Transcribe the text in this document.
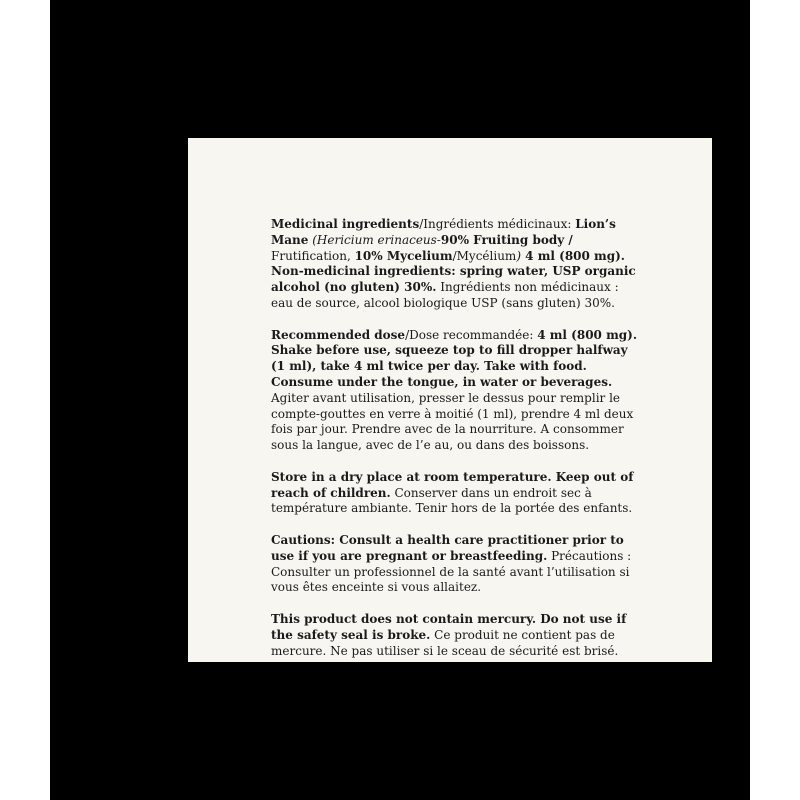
Medicinal ingredients/Ingrédients médicinaux: Lion’s Mane (Hericium erinaceus-90% Fruiting body / Frutification, 10% Mycelium/Mycélium) 4 ml (800 mg). Non-medicinal ingredients: spring water, USP organic alcohol (no gluten) 30%. Ingrédients non médicinaux : eau de source, alcool biologique USP (sans gluten) 30%.

Recommended dose/Dose recommandée: 4 ml (800 mg). Shake before use, squeeze top to fill dropper halfway (1 ml), take 4 ml twice per day. Take with food. Consume under the tongue, in water or beverages. Agiter avant utilisation, presser le dessus pour remplir le compte-gouttes en verre à moitié (1 ml), prendre 4 ml deux fois par jour. Prendre avec de la nourriture. A consommer sous la langue, avec de l’e au, ou dans des boissons.

Store in a dry place at room temperature. Keep out of reach of children. Conserver dans un endroit sec à température ambiante. Tenir hors de la portée des enfants.

Cautions: Consult a health care practitioner prior to use if you are pregnant or breastfeeding. Précautions : Consulter un professionnel de la santé avant l’utilisation si vous êtes enceinte si vous allaitez.

This product does not contain mercury. Do not use if the safety seal is broke. Ce produit ne contient pas de mercure. Ne pas utiliser si le sceau de sécurité est brisé.
